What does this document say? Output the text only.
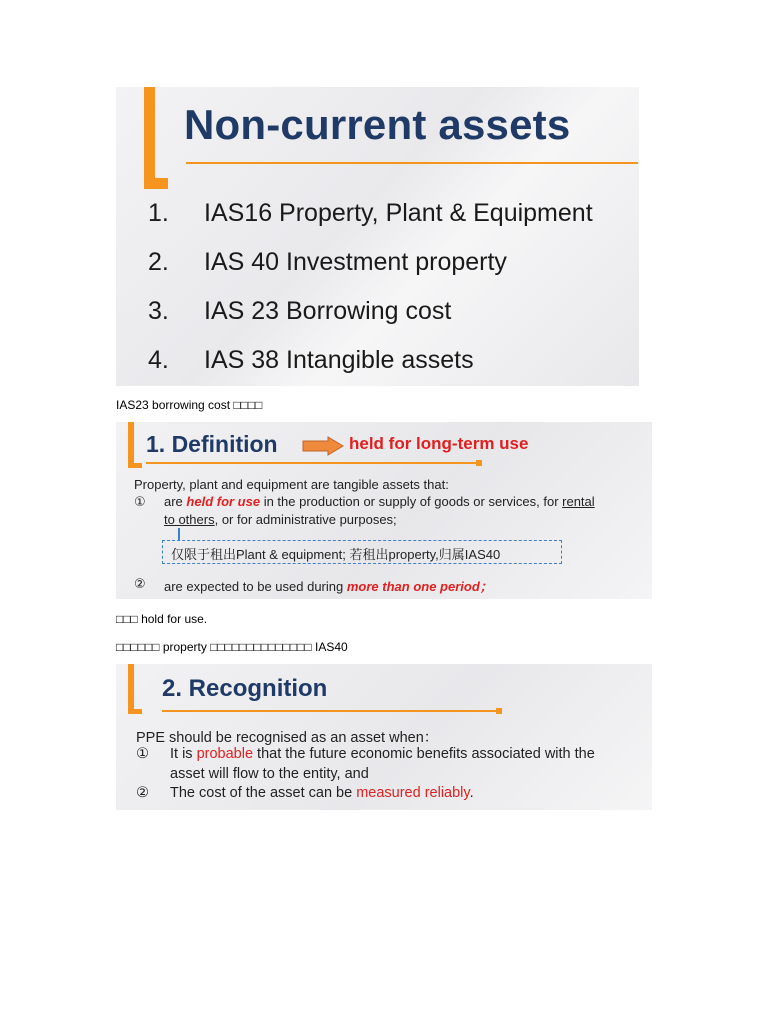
Non-current assets
1. IAS16 Property, Plant & Equipment
2. IAS 40 Investment property
3. IAS 23 Borrowing cost
4. IAS 38 Intangible assets
IAS23 borrowing cost □□□□
1. Definition	held for long-term use
Property, plant and equipment are tangible assets that:
① are held for use in the production or supply of goods or services, for rental
to others, or for administrative purposes;
仅限于租出Plant & equipment; 若租出property,归属IAS40
② are expected to be used during more than one period；
□□□ hold for use.
□□□□□□ property □□□□□□□□□□□□□□ IAS40
2. Recognition
PPE should be recognised as an asset when：
① It is probable that the future economic benefits associated with the
asset will flow to the entity, and
② The cost of the asset can be measured reliably.
